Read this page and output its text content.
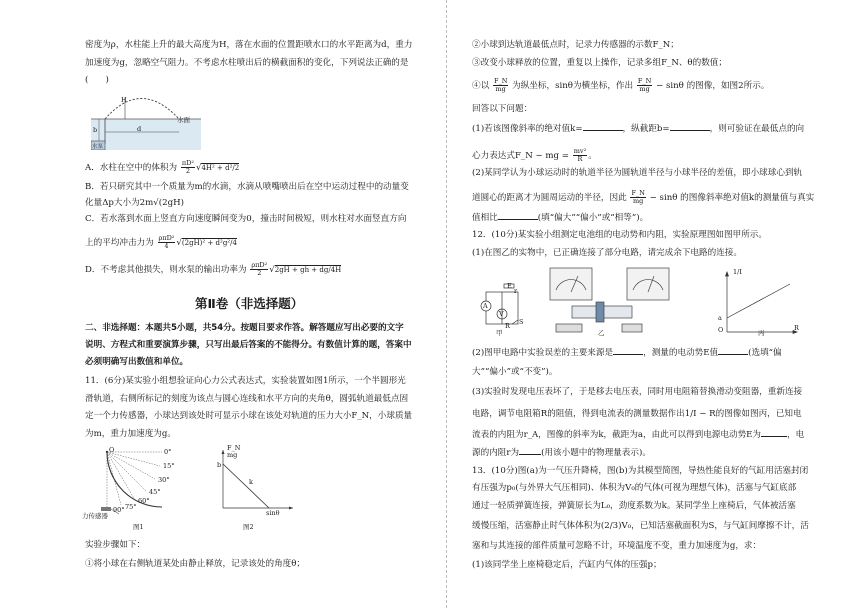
密度为ρ，水柱能上升的最大高度为H，落在水面的位置距喷水口的水平距离为d，重力
加速度为g，忽略空气阻力。不考虑水柱喷出后的横截面积的变化，下列说法正确的是
(　　)
H
d
b
水面
水泵
A．水柱在空中的体积为 $\frac{\text{πD²}}{2} √4H^2 + d^2/2$
B．若只研究其中一个质量为m的水滴，水滴从喷嘴喷出后在空中运动过程中的动量变
化量Δp大小为2m√(2gH)
C．若水落到水面上竖直方向速度瞬间变为0，撞击时间极短，则水柱对水面竖直方向
上的平均冲击力为 $\frac{\text{ρπD²}}{4} √(2gH)^2 + d^2g^2/4$
D．不考虑其他损失，则水泵的输出功率为 $\frac{\text{ρπD²}}{2} √2gH$ + gh + dg/4H
第Ⅱ卷（非选择题）
二、非选择题：本题共5小题，共54分。按题目要求作答。解答题应写出必要的文字
说明、方程式和重要演算步骤，只写出最后答案的不能得分。有数值计算的题，答案中
必须明确写出数值和单位。
11．(6分)某实验小组想验证向心力公式表达式，实验装置如图1所示，一个半圆形光
滑轨道，右侧所标记的刻度为该点与圆心连线和水平方向的夹角θ，圆弧轨道最低点固
定一个力传感器，小球达到该处时可显示小球在该处对轨道的压力大小F_N，小球质量
为m，重力加速度为g。
O	0°
15°
30°
45°
60°
75°
90°
力传感器
图1
F_N
mg
b
k
sinθ
图2
实验步骤如下：
①将小球在右侧轨道某处由静止释放，记录该处的角度θ；
②小球到达轨道最低点时，记录力传感器的示数F_N；
③改变小球释放的位置，重复以上操作，记录多组F_N、θ的数值；
④以 $\frac{F\_N}{mg}$ 为纵坐标，sinθ为横坐标，作出 $\frac{F\_N}{mg} - \sin\theta$ 的图像，如图2所示。
回答以下问题：
(1)若该图像斜率的绝对值k=	，纵截距b=	，则可验证在最低点的向
心力表达式F_N − mg = $\frac{\text{mv²}}{R}$ 。
(2)某同学认为小球运动时的轨道半径为圆轨道半径与小球半径的差值，即小球球心到轨
道圆心的距离才为圆周运动的半径，因此 $\frac{F\_N}{mg} - \sin\theta$ 的图像斜率绝对值k的测量值与真实
值相比	(填“偏大”“偏小”或“相等”)。
12．(10分)某实验小组测定电池组的电动势和内阻，实验原理图如图甲所示。
(1)在图乙的实物中，已正确连接了部分电路，请完成余下电路的连接。
A
V
E
r
S
R
甲	乙
1/I
O
a
R
丙
(2)图甲电路中实验误差的主要来源是	，测量的电动势E值	(选填“偏
大”“偏小”或“不变”)。
(3)实验时发现电压表坏了，于是移去电压表，同时用电阻箱替换滑动变阻器，重新连接
电路，调节电阻箱R的阻值，得到电流表的测量数据作出1/I − R的图像如图丙，已知电
流表的内阻为r_A，图像的斜率为k，截距为a，由此可以得到电源电动势E为	，电
源的内阻r为	(用该小题中的物理量表示)。
13．(10分)图(a)为一气压升降椅，图(b)为其模型简图，导热性能良好的气缸用活塞封闭
有压强为p₀(与外界大气压相同)、体积为V₀的气体(可视为理想气体)，活塞与气缸底部
通过一轻质弹簧连接，弹簧原长为L₀，劲度系数为k。某同学坐上座椅后，气体被活塞
缓慢压缩，活塞静止时气体体积为(2/3)V₀，已知活塞截面积为S，与气缸间摩擦不计，活
塞和与其连接的部件质量可忽略不计，环境温度不变，重力加速度为g，求：
(1)该同学坐上座椅稳定后，汽缸内气体的压强p；
